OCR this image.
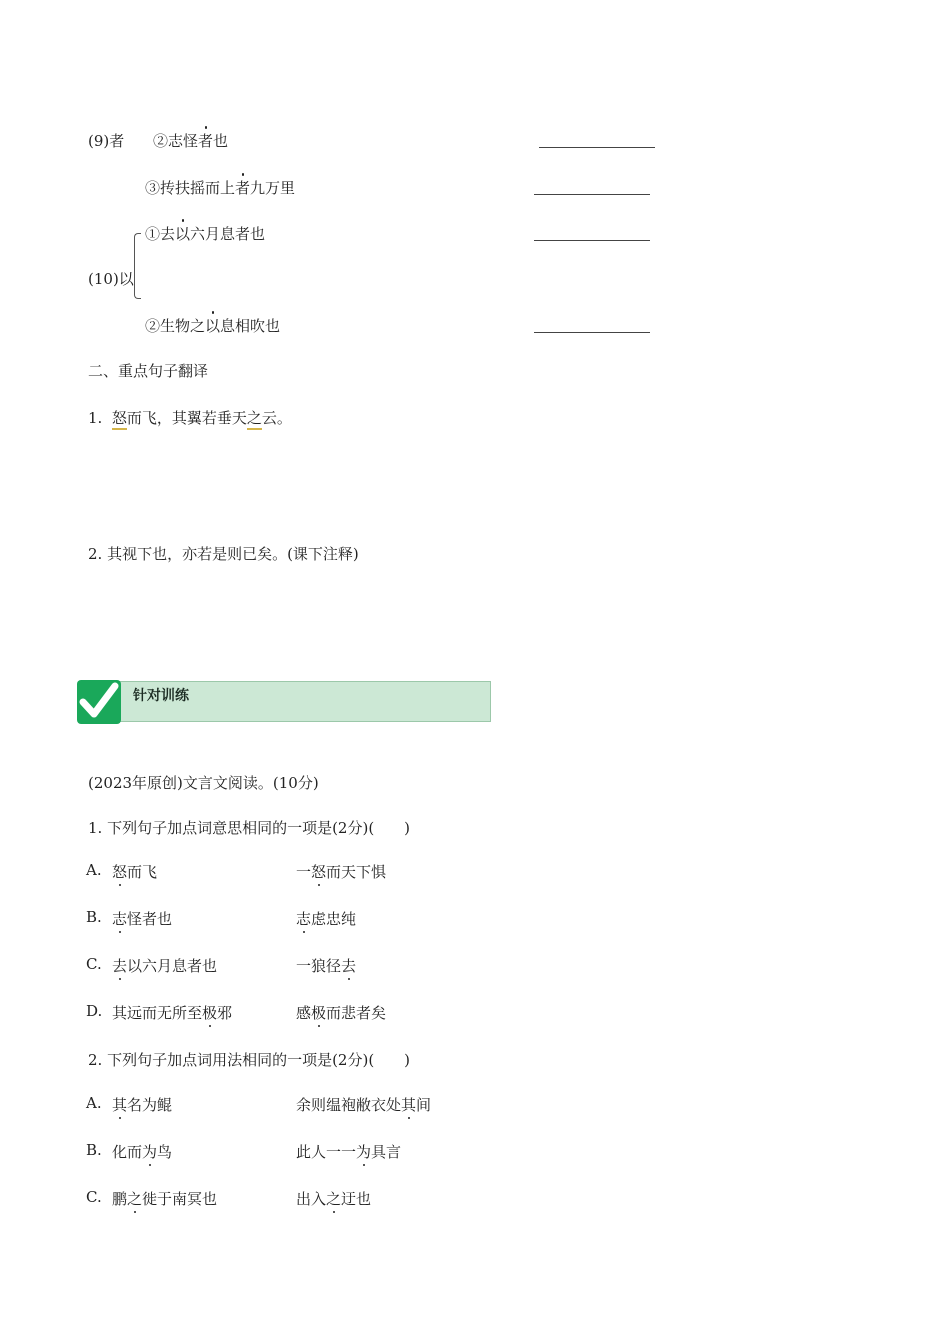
(9)者 ②志怪者也
③抟扶摇而上者九万里
①去以六月息者也
(10)以
②生物之以息相吹也
二、重点句子翻译
1. 怒而飞，其翼若垂天之云。
2. 其视下也，亦若是则已矣。(课下注释)
针对训练
(2023年原创)文言文阅读。(10分)
1. 下列句子加点词意思相同的一项是(2分)(　　)
A. 怒而飞	一怒而天下惧
B. 志怪者也	志虑忠纯
C. 去以六月息者也	一狼径去
D. 其远而无所至极邪	感极而悲者矣
2. 下列句子加点词用法相同的一项是(2分)(　　)
A. 其名为鲲	余则缊袍敝衣处其间
B. 化而为鸟	此人一一为具言
C. 鹏之徙于南冥也	出入之迂也
